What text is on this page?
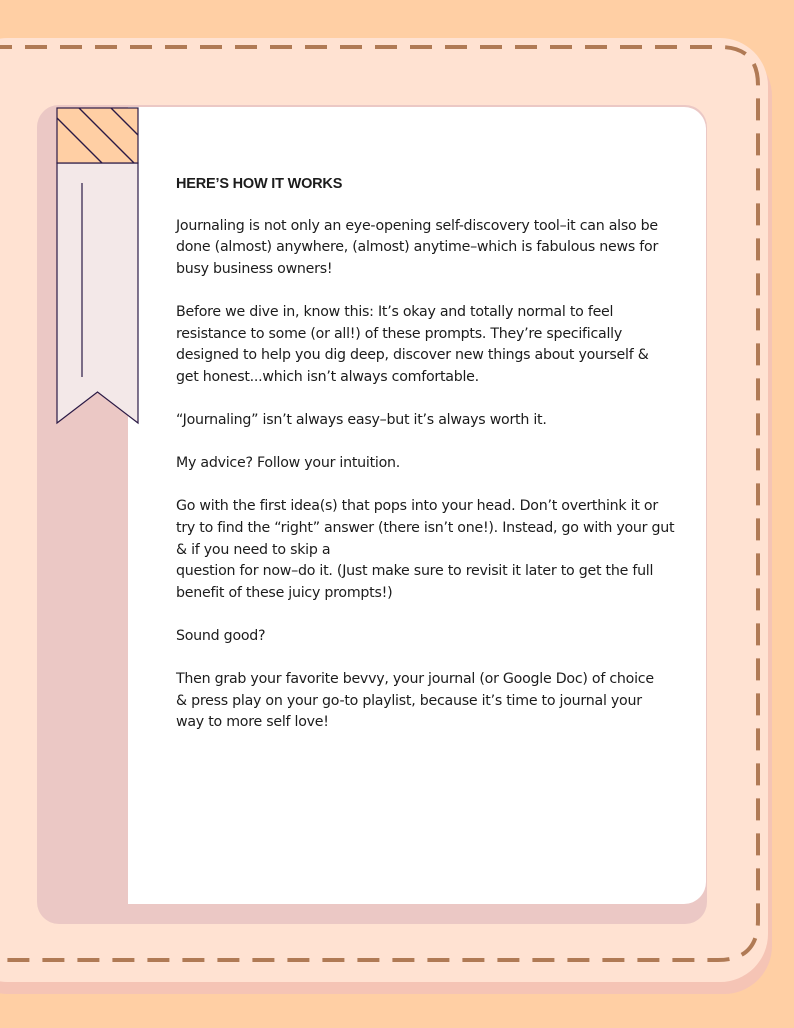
HERE’S HOW IT WORKS
Journaling is not only an eye-opening self-discovery tool–it can also be
done (almost) anywhere, (almost) anytime–which is fabulous news for
busy business owners!
Before we dive in, know this: It’s okay and totally normal to feel
resistance to some (or all!) of these prompts. They’re specifically
designed to help you dig deep, discover new things about yourself &
get honest...which isn’t always comfortable.
“Journaling” isn’t always easy–but it’s always worth it.
My advice? Follow your intuition.
Go with the first idea(s) that pops into your head. Don’t overthink it or
try to find the “right” answer (there isn’t one!). Instead, go with your gut
& if you need to skip a
question for now–do it. (Just make sure to revisit it later to get the full
benefit of these juicy prompts!)
Sound good?
Then grab your favorite bevvy, your journal (or Google Doc) of choice
& press play on your go-to playlist, because it’s time to journal your
way to more self love!
